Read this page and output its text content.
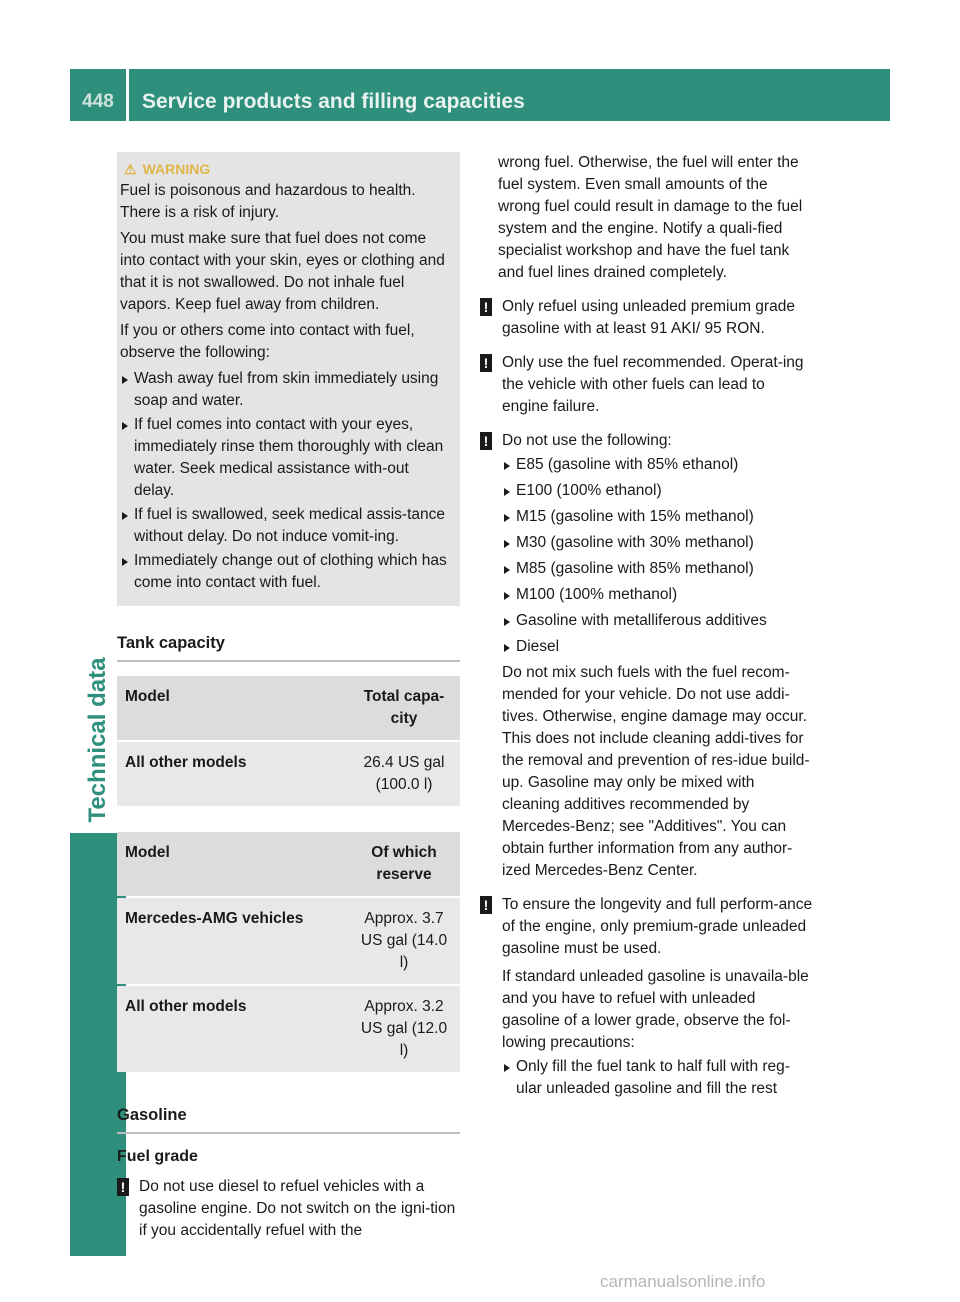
448	Service products and filling capacities
Technical data
⚠ WARNING

Fuel is poisonous and hazardous to health. There is a risk of injury.

You must make sure that fuel does not come into contact with your skin, eyes or clothing and that it is not swallowed. Do not inhale fuel vapors. Keep fuel away from children.

If you or others come into contact with fuel, observe the following:

Wash away fuel from skin immediately using soap and water.
If fuel comes into contact with your eyes, immediately rinse them thoroughly with clean water. Seek medical assistance with-out delay.
If fuel is swallowed, seek medical assis-tance without delay. Do not induce vomit-ing.
Immediately change out of clothing which has come into contact with fuel.
Tank capacity
Model	Total capa-city
All other models	26.4 US gal (100.0 l)
Model	Of which reserve
Mercedes-AMG vehicles	Approx. 3.7 US gal (14.0 l)
All other models	Approx. 3.2 US gal (12.0 l)
Gasoline
Fuel grade
! Do not use diesel to refuel vehicles with a gasoline engine. Do not switch on the igni-tion if you accidentally refuel with the
wrong fuel. Otherwise, the fuel will enter the fuel system. Even small amounts of the wrong fuel could result in damage to the fuel system and the engine. Notify a quali-fied specialist workshop and have the fuel tank and fuel lines drained completely.
! Only refuel using unleaded premium grade gasoline with at least 91 AKI/ 95 RON.
! Only use the fuel recommended. Operat-ing the vehicle with other fuels can lead to engine failure.
! Do not use the following:
E85 (gasoline with 85% ethanol)
E100 (100% ethanol)
M15 (gasoline with 15% methanol)
M30 (gasoline with 30% methanol)
M85 (gasoline with 85% methanol)
M100 (100% methanol)
Gasoline with metalliferous additives
Diesel
Do not mix such fuels with the fuel recom-mended for your vehicle. Do not use addi-tives. Otherwise, engine damage may occur. This does not include cleaning addi-tives for the removal and prevention of res-idue build-up. Gasoline may only be mixed with cleaning additives recommended by Mercedes-Benz; see "Additives". You can obtain further information from any author-ized Mercedes-Benz Center.
! To ensure the longevity and full perform-ance of the engine, only premium-grade unleaded gasoline must be used.
If standard unleaded gasoline is unavaila-ble and you have to refuel with unleaded gasoline of a lower grade, observe the fol-lowing precautions:
Only fill the fuel tank to half full with reg-ular unleaded gasoline and fill the rest
carmanualsonline.info
